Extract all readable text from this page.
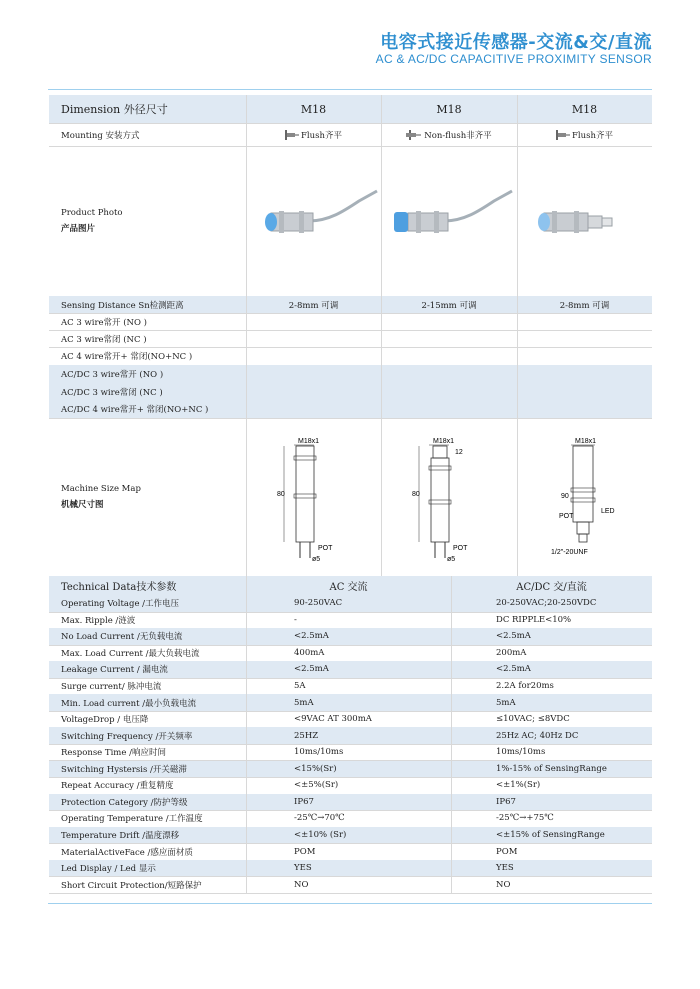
电容式接近传感器-交流&交/直流
AC & AC/DC CAPACITIVE PROXIMITY SENSOR
Dimension 外径尺寸	M18	M18	M18
Mounting 安装方式	Flush齐平	Non-flush非齐平	Flush齐平
Product Photo
产品图片
Sensing Distance Sn检测距离	2-8mm 可调	2-15mm 可调	2-8mm 可调
AC 3 wire常开 (NO )
AC 3 wire常闭 (NC )
AC 4 wire常开+ 常闭(NO+NC )
AC/DC 3 wire常开 (NO )
AC/DC 3 wire常闭 (NC )
AC/DC 4 wire常开+ 常闭(NO+NC )
Machine Size Map
机械尺寸图
M18x1
80
POT
ø5
M18x1
12
80
POT
ø5
M18x1
90
LED
POT
1/2"-20UNF
Technical Data技术参数	AC 交流	AC/DC 交/直流
Operating Voltage /工作电压	90-250VAC	20-250VAC;20-250VDC
Max. Ripple /涟波	-	DC RIPPLE<10%
No Load Current /无负载电流	<2.5mA	<2.5mA
Max. Load Current /最大负载电流	400mA	200mA
Leakage Current / 漏电流	<2.5mA	<2.5mA
Surge current/ 脉冲电流	5A	2.2A for20ms
Min. Load current /最小负载电流	5mA	5mA
VoltageDrop / 电压降	<9VAC AT 300mA	≤10VAC; ≤8VDC
Switching Frequency /开关频率	25HZ	25Hz AC; 40Hz DC
Response Time /响应时间	10ms/10ms	10ms/10ms
Switching Hystersis /开关磁滞	<15%(Sr)	1%-15% of SensingRange
Repeat Accuracy /重复精度	<±5%(Sr)	<±1%(Sr)
Protection Category /防护等级	IP67	IP67
Operating Temperature /工作温度	-25℃→70℃	-25℃→+75℃
Temperature Drift /温度漂移	<±10% (Sr)	<±15% of SensingRange
MaterialActiveFace /感应面材质	POM	POM
Led Display / Led 显示	YES	YES
Short Circuit Protection/短路保护	NO	NO
